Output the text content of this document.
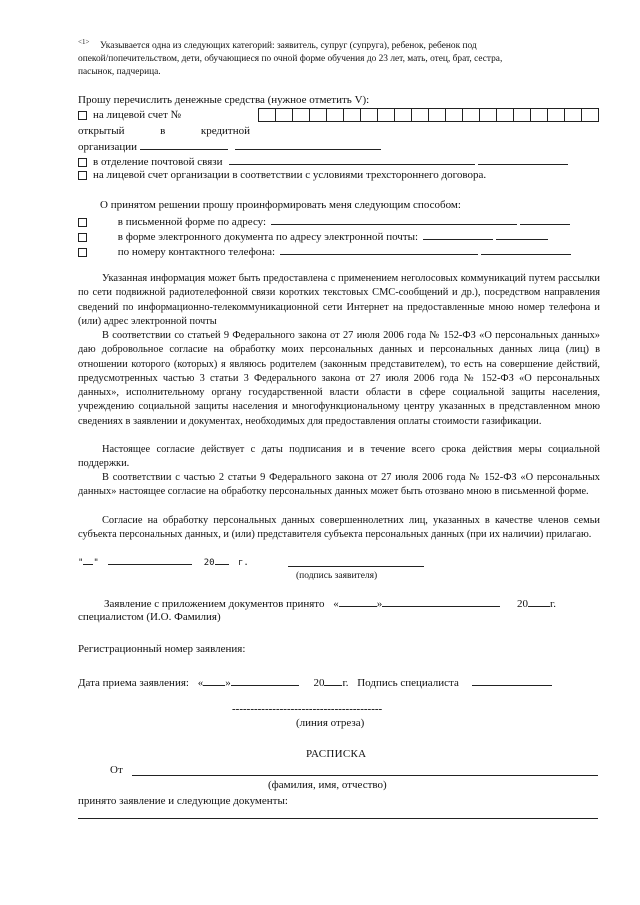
$^{<1>}$ Указывается одна из следующих категорий: заявитель, супруг (супруга), ребенок, ребенок под
опекой/попечительством, дети, обучающиеся по очной форме обучения до 23 лет, мать, отец, брат, сестра,
пасынок, падчерица.
Прошу перечислить денежные средства (нужное отметить V):
на лицевой счет №
открытый	в	кредитной
организации
в отделение почтовой связи
на лицевой счет организации в соответствии с условиями трехстороннего договора.
О принятом решении прошу проинформировать меня следующим способом:
в письменной форме по адресу:
в форме электронного документа по адресу электронной почты:
по номеру контактного телефона:
Указанная информация может быть предоставлена с применением неголосовых коммуникаций путем рассылки по сети подвижной радиотелефонной связи коротких текстовых СМС-сообщений и др.), посредством направления сведений по информационно-телекоммуникационной сети Интернет на предоставленные мною номер телефона и (или) адрес электронной почты
В соответствии со статьей 9 Федерального закона от 27 июля 2006 года № 152-ФЗ «О персональных данных» даю добровольное согласие на обработку моих персональных данных и персональных данных лица (лиц) в отношении которого (которых) я являюсь родителем (законным представителем), то есть на совершение действий, предусмотренных частью 3 статьи 3 Федерального закона от 27 июля 2006 года № 152-ФЗ «О персональных данных», исполнительному органу государственной власти области в сфере социальной защиты населения, учреждению социальной защиты населения и многофункциональному центру указанных в представленном мною сведениях в заявлении и документах, необходимых для предоставления оплаты стоимости газификации.
Настоящее согласие действует с даты подписания и в течение всего срока действия меры социальной поддержки.
В соответствии с частью 2 статьи 9 Федерального закона от 27 июля 2006 года № 152-ФЗ «О персональных данных» настоящее согласие на обработку персональных данных может быть отозвано мною в письменной форме.
Согласие на обработку персональных данных совершеннолетних лиц, указанных в качестве членов семьи субъекта персональных данных, и (или) представителя субъекта персональных данных (при их наличии) прилагаю.
" "	20	г.
(подпись заявителя)
Заявление с приложением документов принято «	»	20 г.
специалистом (И.О. Фамилия)
Регистрационный номер заявления:
Дата приема заявления: « »	20 г. Подпись специалиста
-----------------------------------------
(линия отреза)
РАСПИСКА
От
(фамилия, имя, отчество)
принято заявление и следующие документы:
